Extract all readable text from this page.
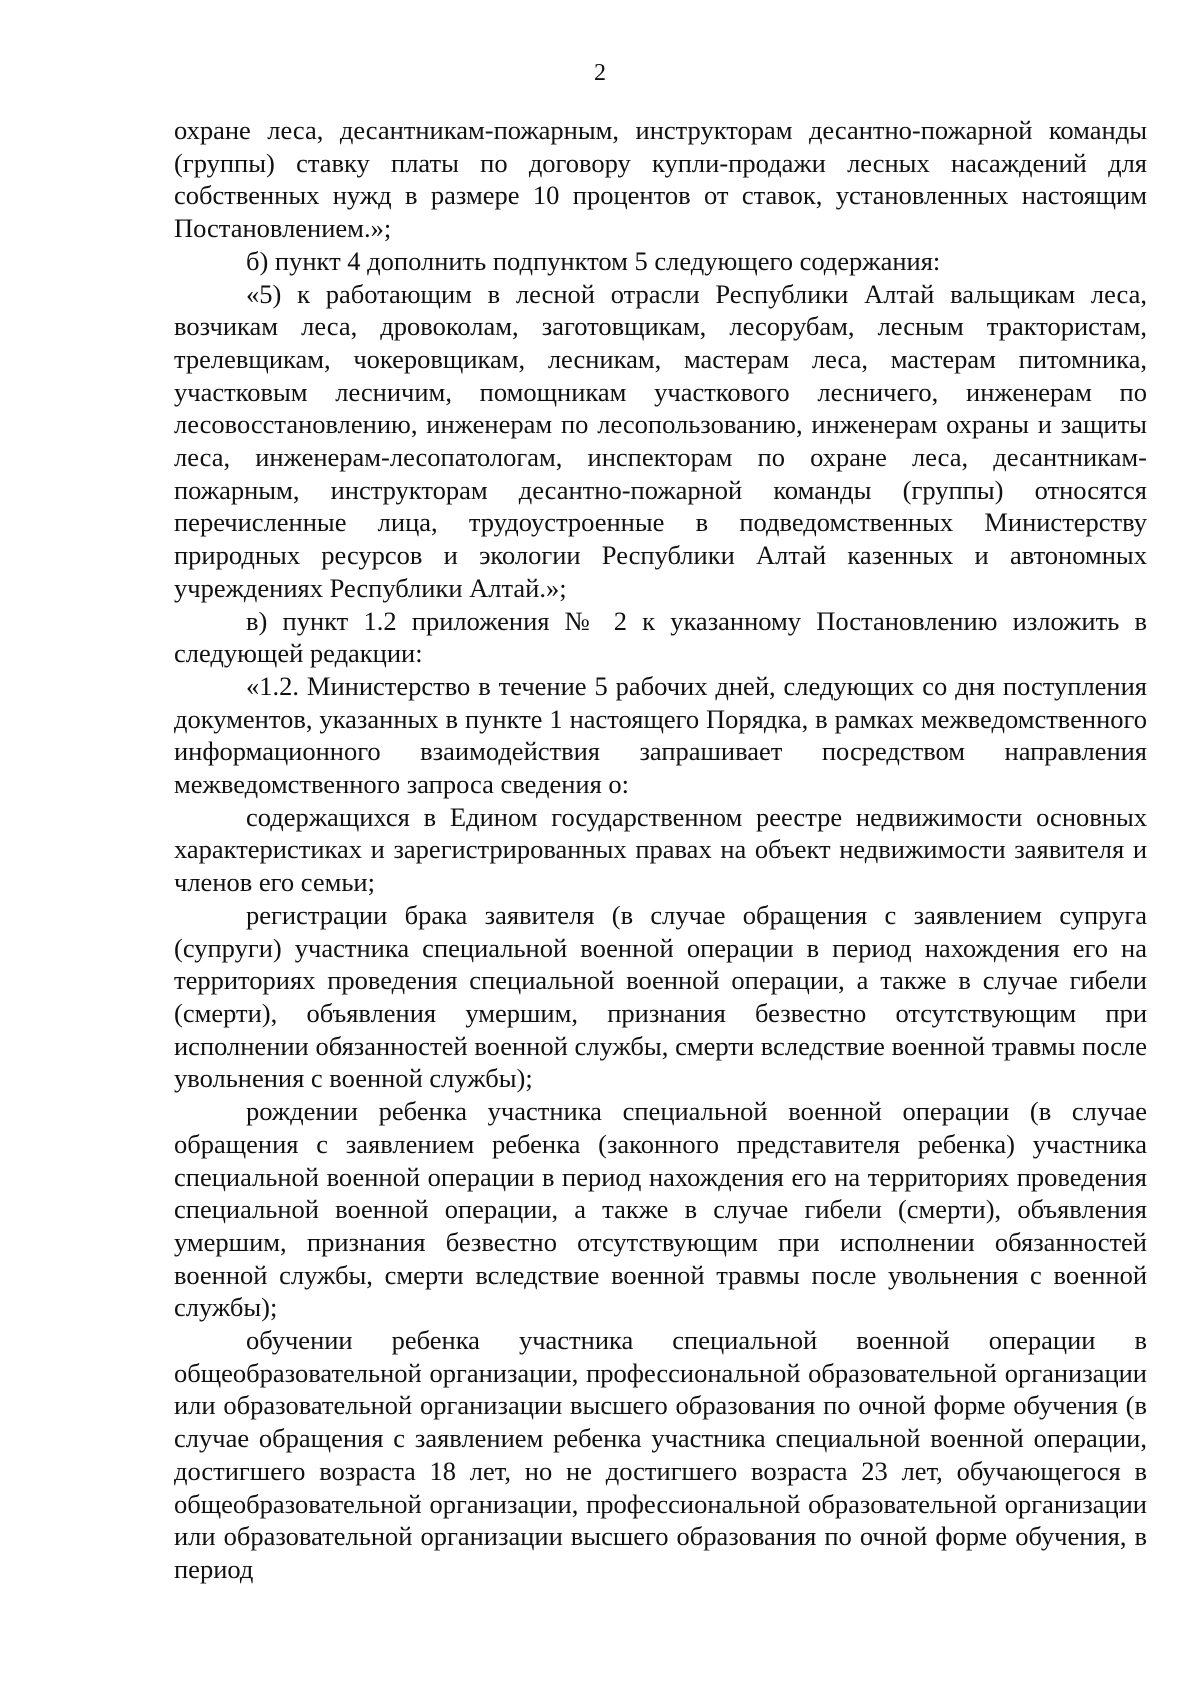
2

охране леса, десантникам-пожарным, инструкторам десантно-пожарной команды (группы) ставку платы по договору купли-продажи лесных насаждений для собственных нужд в размере 10 процентов от ставок, установленных настоящим Постановлением.»;

б) пункт 4 дополнить подпунктом 5 следующего содержания:

«5) к работающим в лесной отрасли Республики Алтай вальщикам леса, возчикам леса, дровоколам, заготовщикам, лесорубам, лесным трактористам, трелевщикам, чокеровщикам, лесникам, мастерам леса, мастерам питомника, участковым лесничим, помощникам участкового лесничего, инженерам по лесовосстановлению, инженерам по лесопользованию, инженерам охраны и защиты леса, инженерам-лесопатологам, инспекторам по охране леса, десантникам-пожарным, инструкторам десантно-пожарной команды (группы) относятся перечисленные лица, трудоустроенные в подведомственных Министерству природных ресурсов и экологии Республики Алтай казенных и автономных учреждениях Республики Алтай.»;

в) пункт 1.2 приложения № 2 к указанному Постановлению изложить в следующей редакции:

«1.2. Министерство в течение 5 рабочих дней, следующих со дня поступления документов, указанных в пункте 1 настоящего Порядка, в рамках межведомственного информационного взаимодействия запрашивает посредством направления межведомственного запроса сведения о:

содержащихся в Едином государственном реестре недвижимости основных характеристиках и зарегистрированных правах на объект недвижимости заявителя и членов его семьи;

регистрации брака заявителя (в случае обращения с заявлением супруга (супруги) участника специальной военной операции в период нахождения его на территориях проведения специальной военной операции, а также в случае гибели (смерти), объявления умершим, признания безвестно отсутствующим при исполнении обязанностей военной службы, смерти вследствие военной травмы после увольнения с военной службы);

рождении ребенка участника специальной военной операции (в случае обращения с заявлением ребенка (законного представителя ребенка) участника специальной военной операции в период нахождения его на территориях проведения специальной военной операции, а также в случае гибели (смерти), объявления умершим, признания безвестно отсутствующим при исполнении обязанностей военной службы, смерти вследствие военной травмы после увольнения с военной службы);

обучении ребенка участника специальной военной операции в общеобразовательной организации, профессиональной образовательной организации или образовательной организации высшего образования по очной форме обучения (в случае обращения с заявлением ребенка участника специальной военной операции, достигшего возраста 18 лет, но не достигшего возраста 23 лет, обучающегося в общеобразовательной организации, профессиональной образовательной организации или образовательной организации высшего образования по очной форме обучения, в период
